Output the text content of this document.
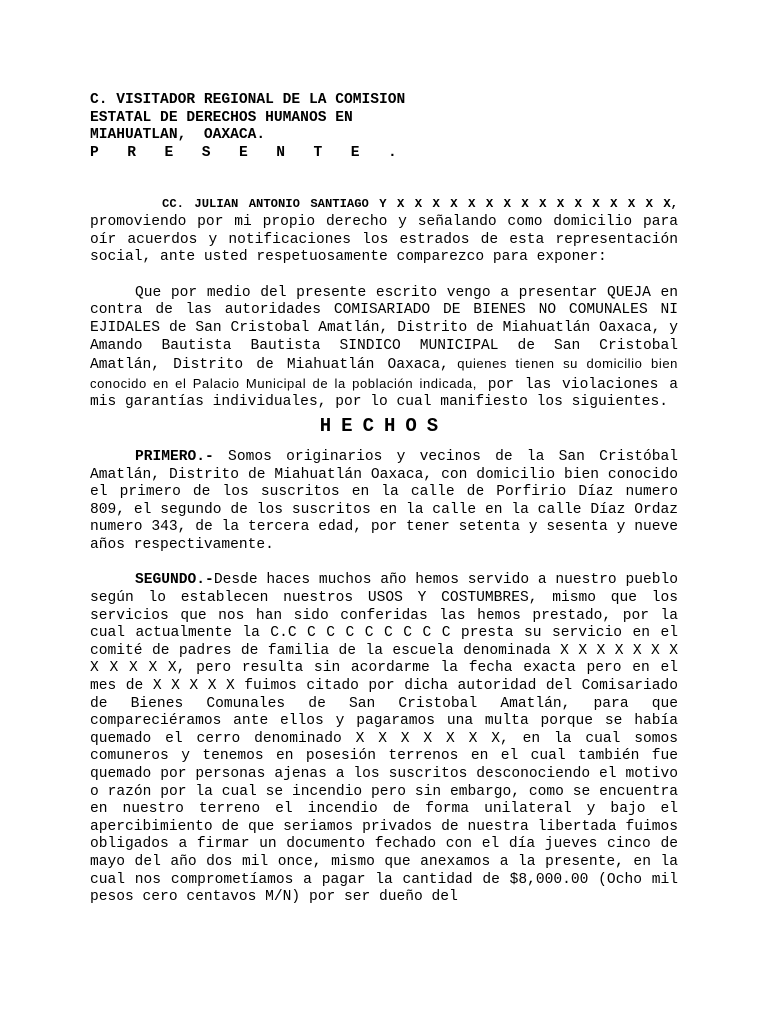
C. VISITADOR REGIONAL DE LA COMISION
ESTATAL DE DERECHOS HUMANOS EN
MIAHUATLAN,  OAXACA.
PRESENTE.

CC. JULIAN ANTONIO SANTIAGO Y X X X X X X X X X X X X X X X X, promoviendo por mi propio derecho y señalando como domicilio para oír acuerdos y notificaciones los estrados de esta representación social, ante usted respetuosamente comparezco para exponer:

Que por medio del presente escrito vengo a presentar QUEJA en contra de las autoridades COMISARIADO DE BIENES NO COMUNALES NI EJIDALES de San Cristobal Amatlán, Distrito de Miahuatlán Oaxaca, y Amando Bautista Bautista SINDICO MUNICIPAL de San Cristobal Amatlán, Distrito de Miahuatlán Oaxaca, quienes tienen su domicilio bien conocido en el Palacio Municipal de la población indicada, por las violaciones a mis garantías individuales, por lo cual manifiesto los siguientes.

HECHOS

PRIMERO.- Somos originarios y vecinos de la San Cristóbal Amatlán, Distrito de Miahuatlán Oaxaca, con domicilio bien conocido el primero de los suscritos en la calle de Porfirio Díaz numero 809, el segundo de los suscritos en la calle en la calle Díaz Ordaz numero 343, de la tercera edad, por tener setenta y sesenta y nueve años respectivamente.

SEGUNDO.-Desde haces muchos año hemos servido a nuestro pueblo según lo establecen nuestros USOS Y COSTUMBRES, mismo que los servicios que nos han sido conferidas las hemos prestado, por la cual actualmente la C.C C C C C C C C C presta su servicio en el comité de padres de familia de la escuela denominada X X X X X X X X X X X X, pero resulta sin acordarme la fecha exacta pero en el mes de X X X X X fuimos citado por dicha autoridad del Comisariado de Bienes Comunales de San Cristobal Amatlán, para que compareciéramos ante ellos y pagaramos una multa porque se había quemado el cerro denominado X X X X X X X, en la cual somos comuneros y tenemos en posesión terrenos en el cual también fue quemado por personas ajenas a los suscritos desconociendo el motivo o razón por la cual se incendio pero sin embargo, como se encuentra en nuestro terreno el incendio de forma unilateral y bajo el apercibimiento de que seriamos privados de nuestra libertada fuimos obligados a firmar un documento fechado con el día jueves cinco de mayo del año dos mil once, mismo que anexamos a la presente, en la cual nos comprometíamos a pagar la cantidad de $8,000.00 (Ocho mil pesos cero centavos M/N) por ser dueño del
